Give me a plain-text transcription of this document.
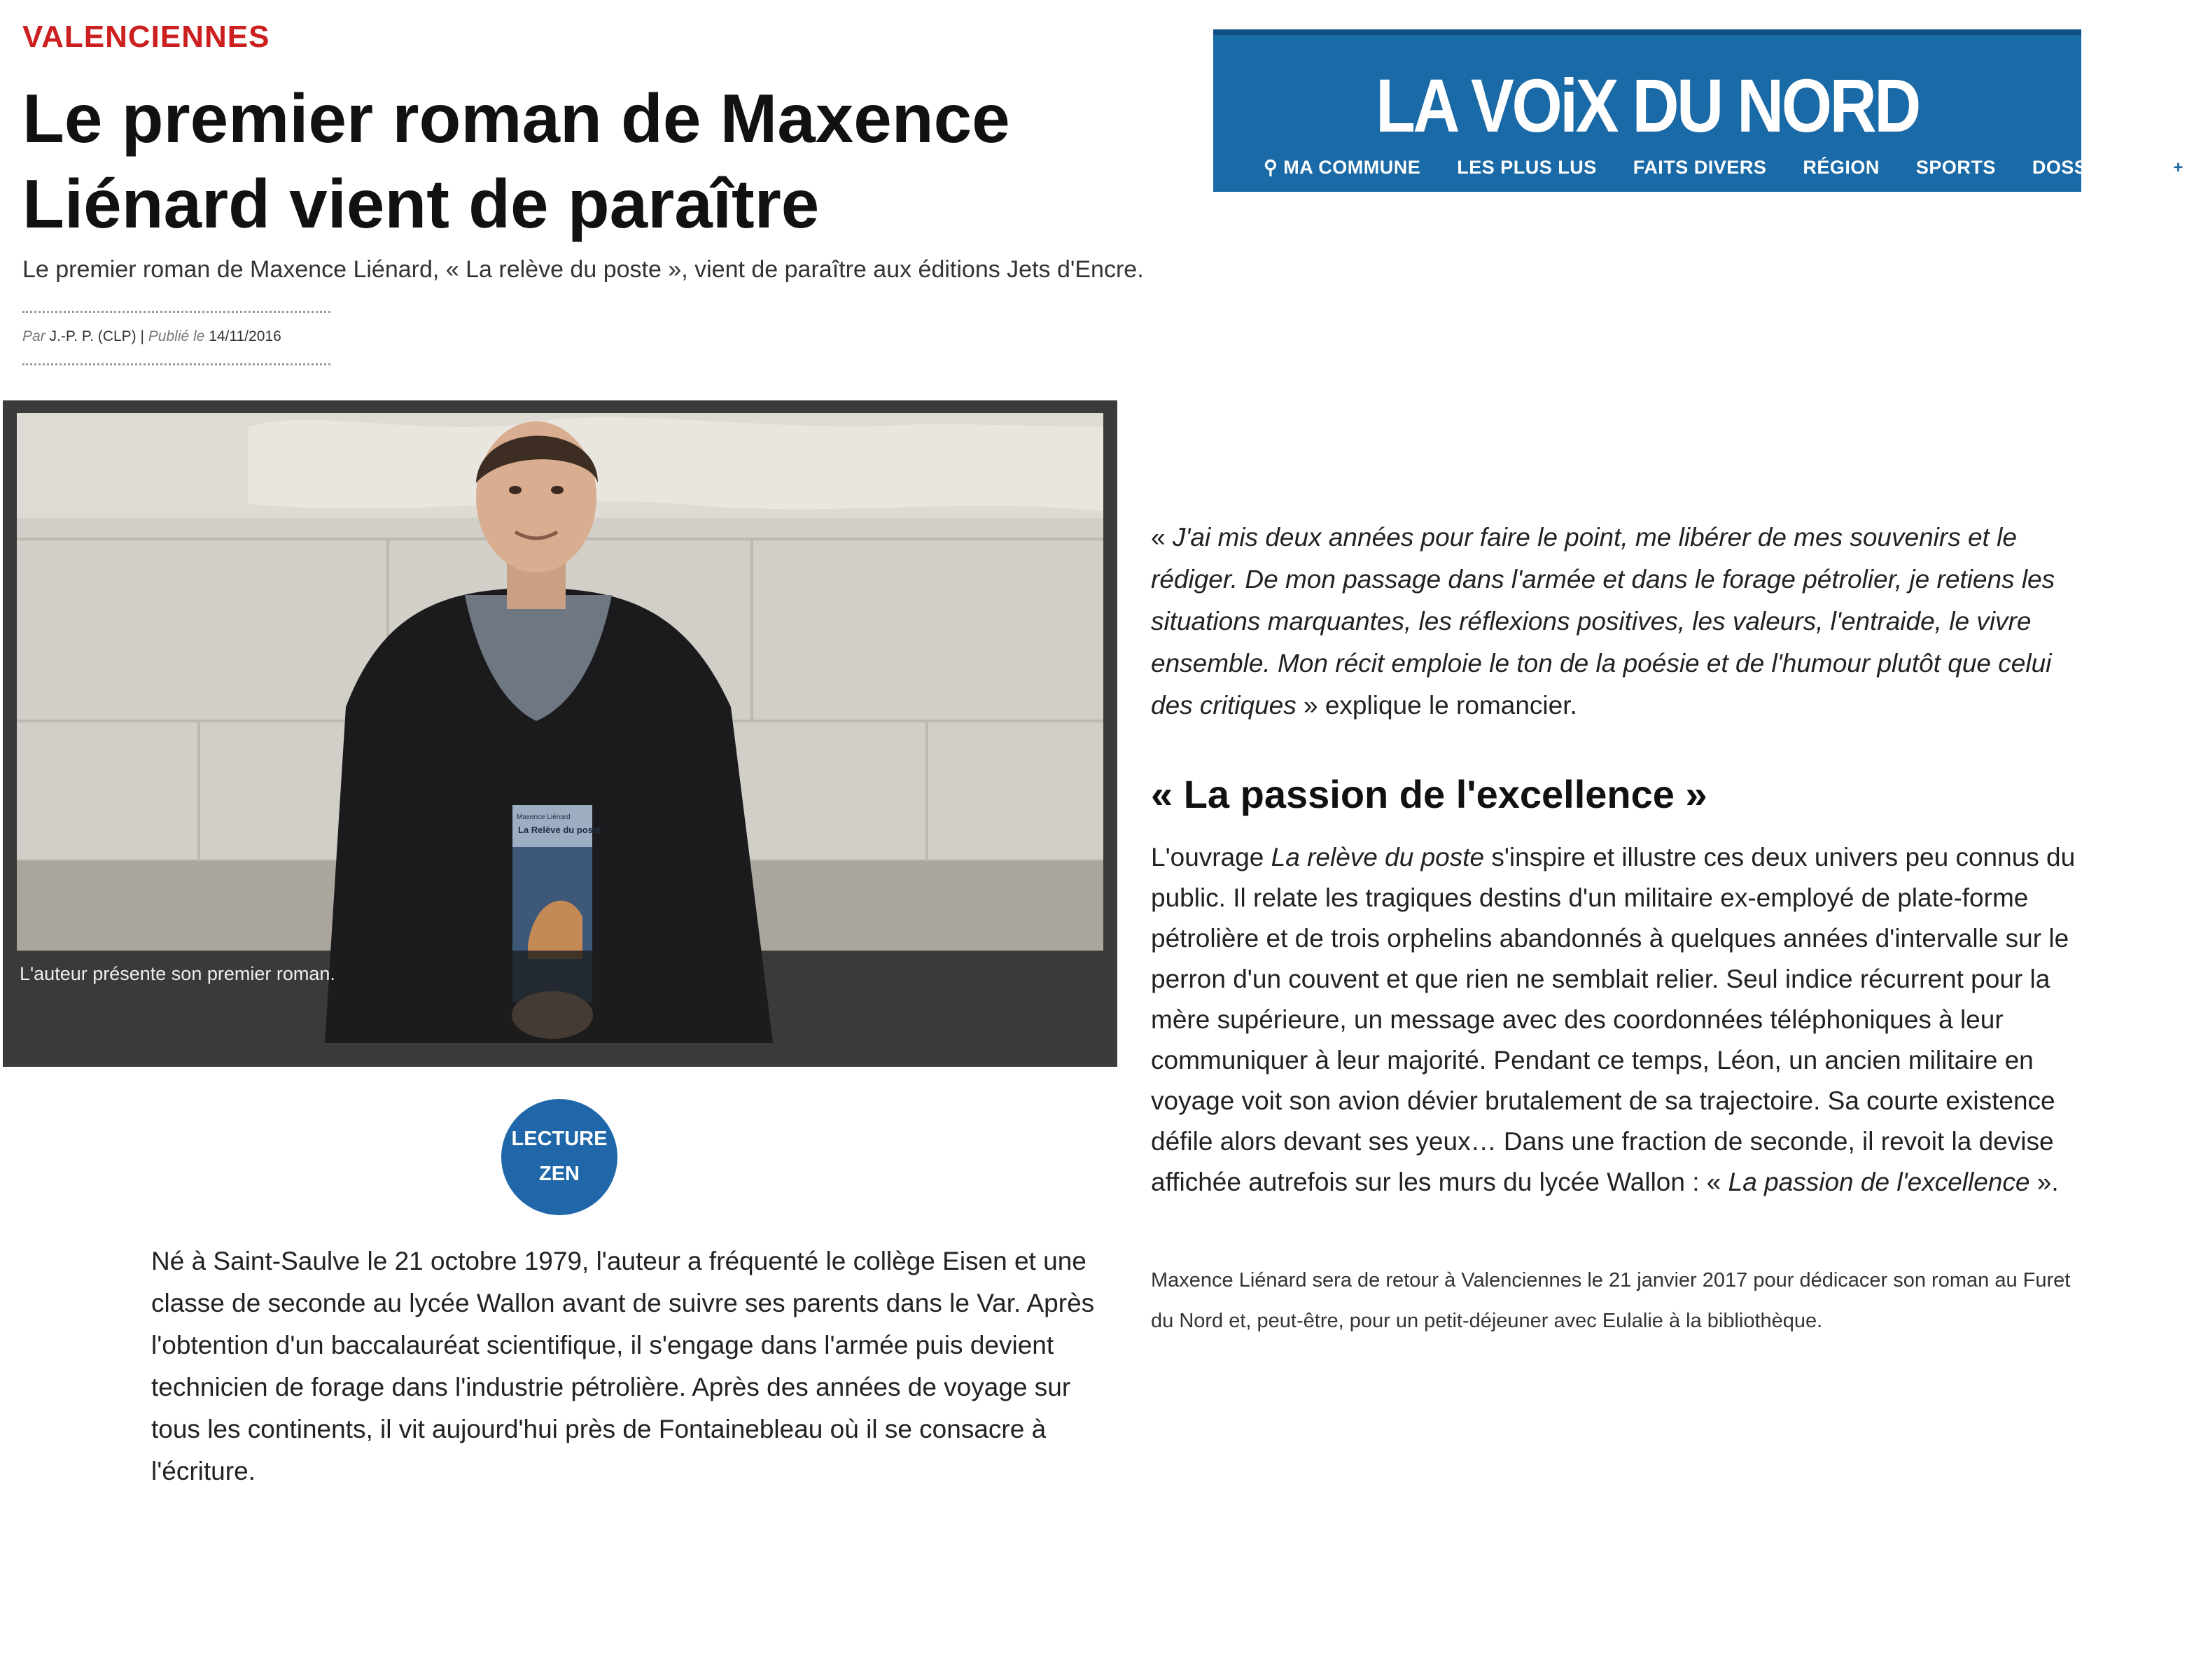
VALENCIENNES
Le premier roman de Maxence Liénard vient de paraître

Le premier roman de Maxence Liénard, « La relève du poste », vient de paraître aux éditions Jets d'Encre.

Par J.-P. P. (CLP) | Publié le 14/11/2016
LA VOiX DU NORD
⚲ MA COMMUNE LES PLUS LUS FAITS DIVERS RÉGION SPORTS DOSSIERS +
Maxence Liénard
La Relève du poste
L'auteur présente son premier roman.
LECTURE
ZEN

Né à Saint-Saulve le 21 octobre 1979, l'auteur a fréquenté le collège Eisen et une classe de seconde au lycée Wallon avant de suivre ses parents dans le Var. Après l'obtention d'un baccalauréat scientifique, il s'engage dans l'armée puis devient technicien de forage dans l'industrie pétrolière. Après des années de voyage sur tous les continents, il vit aujourd'hui près de Fontainebleau où il se consacre à l'écriture.

« J'ai mis deux années pour faire le point, me libérer de mes souvenirs et le rédiger. De mon passage dans l'armée et dans le forage pétrolier, je retiens les situations marquantes, les réflexions positives, les valeurs, l'entraide, le vivre ensemble. Mon récit emploie le ton de la poésie et de l'humour plutôt que celui des critiques » explique le romancier.

« La passion de l'excellence »

L'ouvrage La relève du poste s'inspire et illustre ces deux univers peu connus du public. Il relate les tragiques destins d'un militaire ex-employé de plate-forme pétrolière et de trois orphelins abandonnés à quelques années d'intervalle sur le perron d'un couvent et que rien ne semblait relier. Seul indice récurrent pour la mère supérieure, un message avec des coordonnées téléphoniques à leur communiquer à leur majorité. Pendant ce temps, Léon, un ancien militaire en voyage voit son avion dévier brutalement de sa trajectoire. Sa courte existence défile alors devant ses yeux… Dans une fraction de seconde, il revoit la devise affichée autrefois sur les murs du lycée Wallon : « La passion de l'excellence ».

Maxence Liénard sera de retour à Valenciennes le 21 janvier 2017 pour dédicacer son roman au Furet du Nord et, peut-être, pour un petit-déjeuner avec Eulalie à la bibliothèque.
